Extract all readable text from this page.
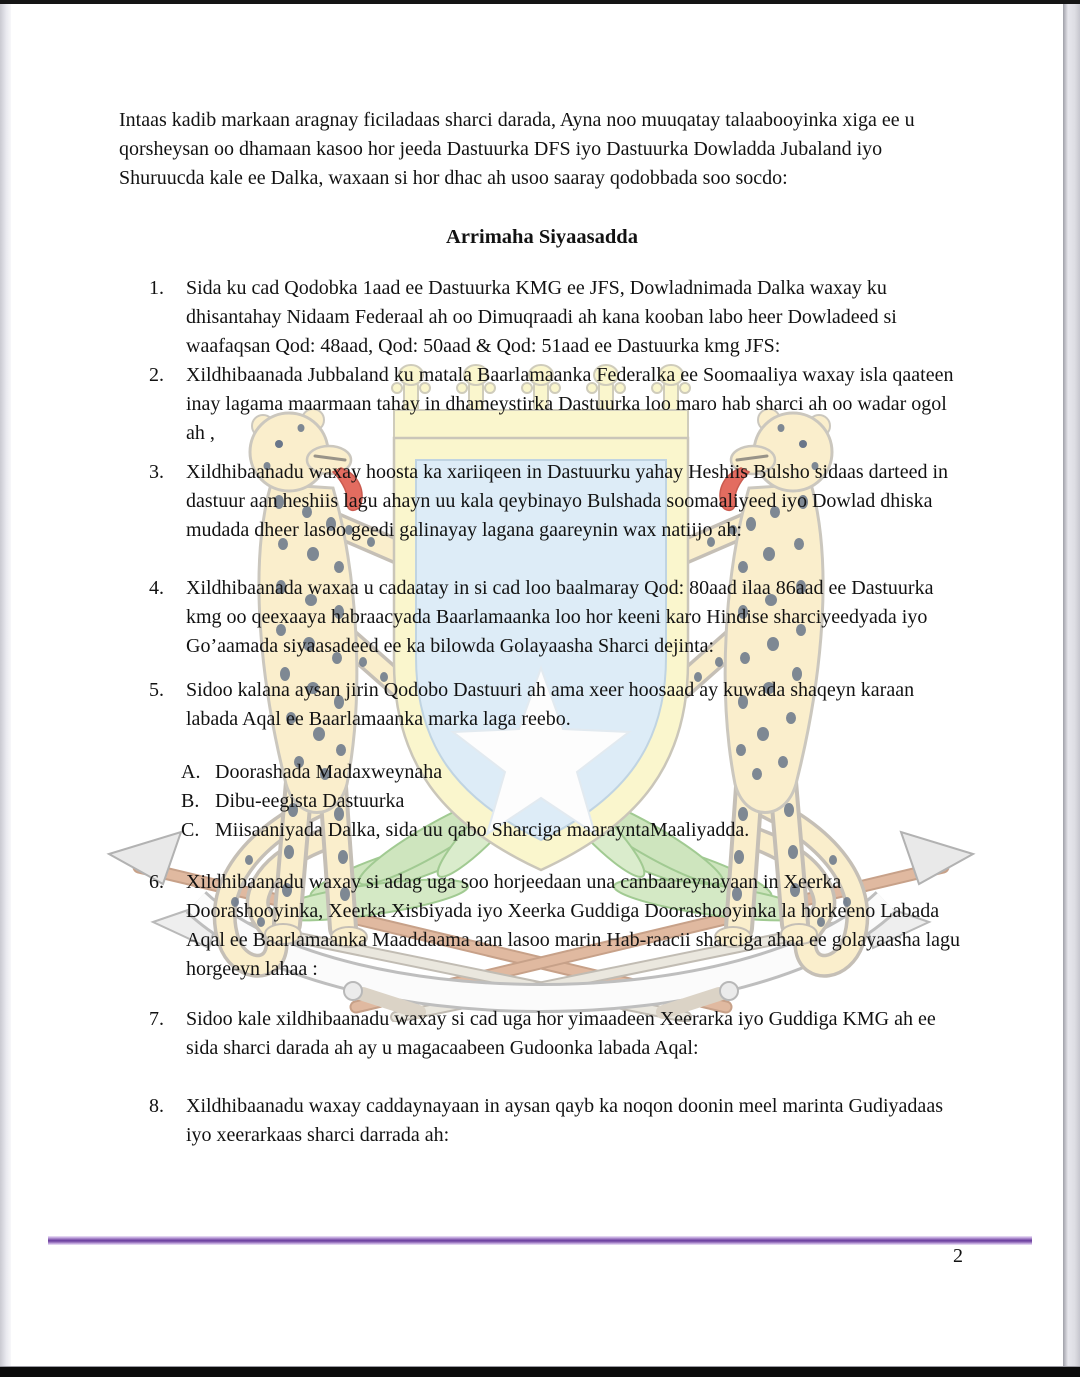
Intaas kadib markaan aragnay ficiladaas sharci darada, Ayna noo muuqatay talaabooyinka xiga ee u qorsheysan oo dhamaan kasoo hor jeeda Dastuurka DFS iyo Dastuurka Dowladda Jubaland iyo Shuruucda kale ee Dalka, waxaan si hor dhac ah usoo saaray qodobbada soo socdo:

Arrimaha Siyaasadda
1.	Sida ku cad Qodobka 1aad ee Dastuurka KMG ee JFS, Dowladnimada Dalka waxay ku dhisantahay Nidaam Federaal ah oo Dimuqraadi ah kana kooban labo heer Dowladeed si waafaqsan Qod: 48aad, Qod: 50aad & Qod: 51aad ee Dastuurka kmg JFS:
2.	Xildhibaanada Jubbaland ku matala Baarlamaanka Federalka ee Soomaaliya waxay isla qaateen inay lagama maarmaan tahay in dhameystirka Dastuurka loo maro hab sharci ah oo wadar ogol ah ,
3.	Xildhibaanadu waxay hoosta ka xariiqeen in Dastuurku yahay Heshiis Bulsho sidaas darteed in dastuur aan heshiis lagu ahayn uu kala qeybinayo Bulshada soomaaliyeed iyo Dowlad dhiska mudada dheer lasoo geedi galinayay lagana gaareynin wax natiijo ah:
4.	Xildhibaanada waxaa u cadaatay in si cad loo baalmaray Qod: 80aad ilaa 86aad ee Dastuurka kmg oo qeexaaya habraacyada Baarlamaanka loo hor keeni karo Hindise sharciyeedyada iyo Go’aamada siyaasadeed ee ka bilowda Golayaasha Sharci dejinta:
5.	Sidoo kalana aysan jirin Qodobo Dastuuri ah ama xeer hoosaad ay kuwada shaqeyn karaan labada Aqal ee Baarlamaanka marka laga reebo.
A. Doorashada Madaxweynaha
B. Dibu-eegista Dastuurka
C. Miisaaniyada Dalka, sida uu qabo Sharciga maarayntaMaaliyadda.
6.	Xildhibaanadu waxay si adag uga soo horjeedaan una canbaareynayaan in Xeerka Doorashooyinka, Xeerka Xisbiyada iyo Xeerka Guddiga Doorashooyinka la horkeeno Labada Aqal ee Baarlamaanka Maaddaama aan lasoo marin Hab-raacii sharciga ahaa ee golayaasha lagu horgeeyn lahaa :
7.	Sidoo kale xildhibaanadu waxay si cad uga hor yimaadeen Xeerarka iyo Guddiga KMG ah ee sida sharci darada ah ay u magacaabeen Gudoonka labada Aqal:
8.	Xildhibaanadu waxay caddaynayaan in aysan qayb ka noqon doonin meel marinta Gudiyadaas iyo xeerarkaas sharci darrada ah:
2
